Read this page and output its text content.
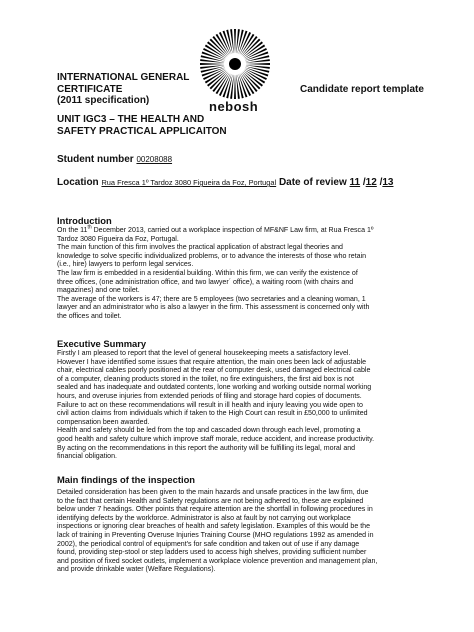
INTERNATIONAL GENERAL
CERTIFICATE
(2011 specification)	nebosh
Candidate report template
UNIT IGC3 – THE HEALTH AND
SAFETY PRACTICAL APPLICAITON
Student number 00208088
Location Rua Fresca 1º Tardoz 3080 Figueira da Foz, Portugal Date of review 11 /12 /13
Introduction
On the 11th December 2013, carried out a workplace inspection of MF&NF Law firm, at Rua Fresca 1º
Tardoz 3080 Figueira da Foz, Portugal.
The main function of this firm involves the practical application of abstract legal theories and
knowledge to solve specific individualized problems, or to advance the interests of those who retain
(i.e., hire) lawyers to perform legal services.
The law firm is embedded in a residential building. Within this firm, we can verify the existence of
three offices, (one administration office, and two lawyer´ office), a waiting room (with chairs and
magazines) and one toilet.
The average of the workers is 47; there are 5 employees (two secretaries and a cleaning woman, 1
lawyer and an administrator who is also a lawyer in the firm. This assessment is concerned only with
the offices and toilet.
Executive Summary
Firstly I am pleased to report that the level of general housekeeping meets a satisfactory level.
However I have identified some issues that require attention, the main ones been lack of adjustable
chair, electrical cables poorly positioned at the rear of computer desk, used damaged electrical cable
of a computer, cleaning products stored in the toilet, no fire extinguishers, the first aid box is not
sealed and has inadequate and outdated contents, lone working and working outside normal working
hours, and overuse injuries from extended periods of filing and storage hard copies of documents.
Failure to act on these recommendations will result in ill health and injury leaving you wide open to
civil action claims from individuals which if taken to the High Court can result in £50,000 to unlimited
compensation been awarded.
Health and safety should be led from the top and cascaded down through each level, promoting a
good health and safety culture which improve staff morale, reduce accident, and increase productivity.
By acting on the recommendations in this report the authority will be fulfilling its legal, moral and
financial obligation.
Main findings of the inspection
Detailed consideration has been given to the main hazards and unsafe practices in the law firm, due
to the fact that certain Health and Safety regulations are not being adhered to, these are explained
below under 7 headings. Other points that require attention are the shortfall in following procedures in
identifying defects by the workforce. Administrator is also at fault by not carrying out workplace
inspections or ignoring clear breaches of health and safety legislation. Examples of this would be the
lack of training in Preventing Overuse Injuries Training Course (MHO regulations 1992 as amended in
2002), the periodical control of equipment's for safe condition and taken out of use if any damage
found, providing step-stool or step ladders used to access high shelves, providing sufficient number
and position of fixed socket outlets, implement a workplace violence prevention and management plan,
and provide drinkable water (Welfare Regulations).
